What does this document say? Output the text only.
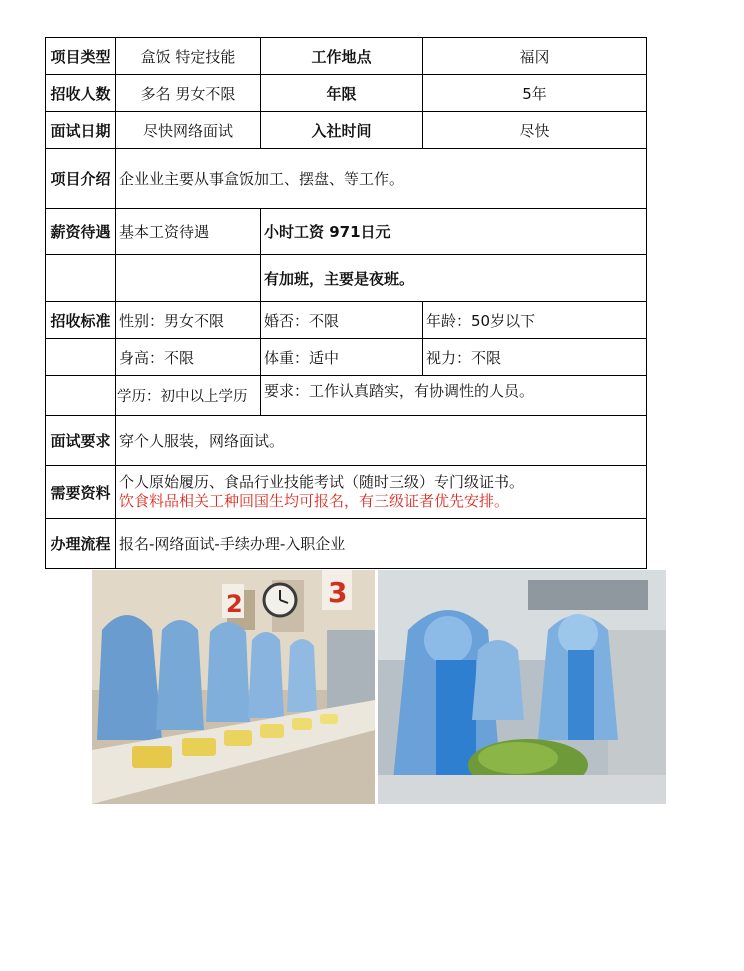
项目类型	盒饭 特定技能	工作地点	福冈
招收人数	多名 男女不限	年限	5年
面试日期	尽快网络面试	入社时间	尽快
项目介绍	企业业主要从事盒饭加工、摆盘、等工作。		
薪资待遇	基本工资待遇	小时工资 971日元	
		有加班，主要是夜班。	
招收标准	性别：男女不限	婚否：不限	年龄：50岁以下
	身高：不限	体重：适中	视力：不限
	学历：初中以上学历	要求：工作认真踏实，有协调性的人员。	
面试要求	穿个人服装，网络面试。		
需要资料	个人原始履历、食品行业技能考试（随时三级）专门级证书。
饮食料品相关工种回国生均可报名，有三级证者优先安排。		

办理流程	报名-网络面试-手续办理-入职企业		
3
2
